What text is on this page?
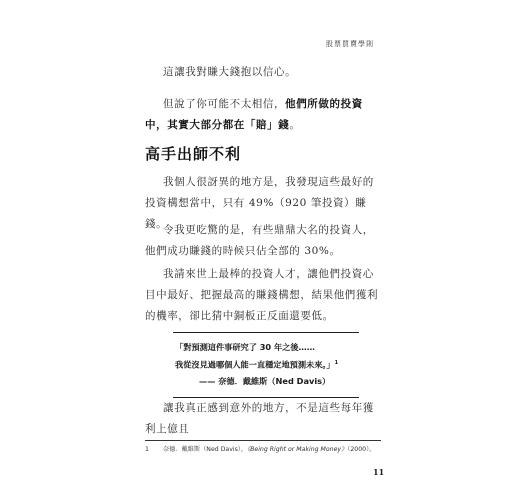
股票買賣學則

這讓我對賺大錢抱以信心。

但說了你可能不太相信，他們所做的投資中，其實大部分都在「賠」錢。

高手出師不利

我個人很訝異的地方是，我發現這些最好的投資構想當中，只有 49%（920 筆投資）賺錢。

令我更吃驚的是，有些鼎鼎大名的投資人，他們成功賺錢的時候只佔全部的 30%。

我請來世上最棒的投資人才，讓他們投資心目中最好、把握最高的賺錢構想，結果他們獲利的機率，卻比猜中銅板正反面還要低。

「對預測這件事研究了 30 年之後……

我從沒見過哪個人能一直穩定地預測未來。」$^1$

—— 奈德．戴維斯（Ned Davis）

讓我真正感到意外的地方，不是這些每年獲利上億且

1 奈德．戴維斯（Ned Davis），《Being Right or Making Money》（2000）。
11
